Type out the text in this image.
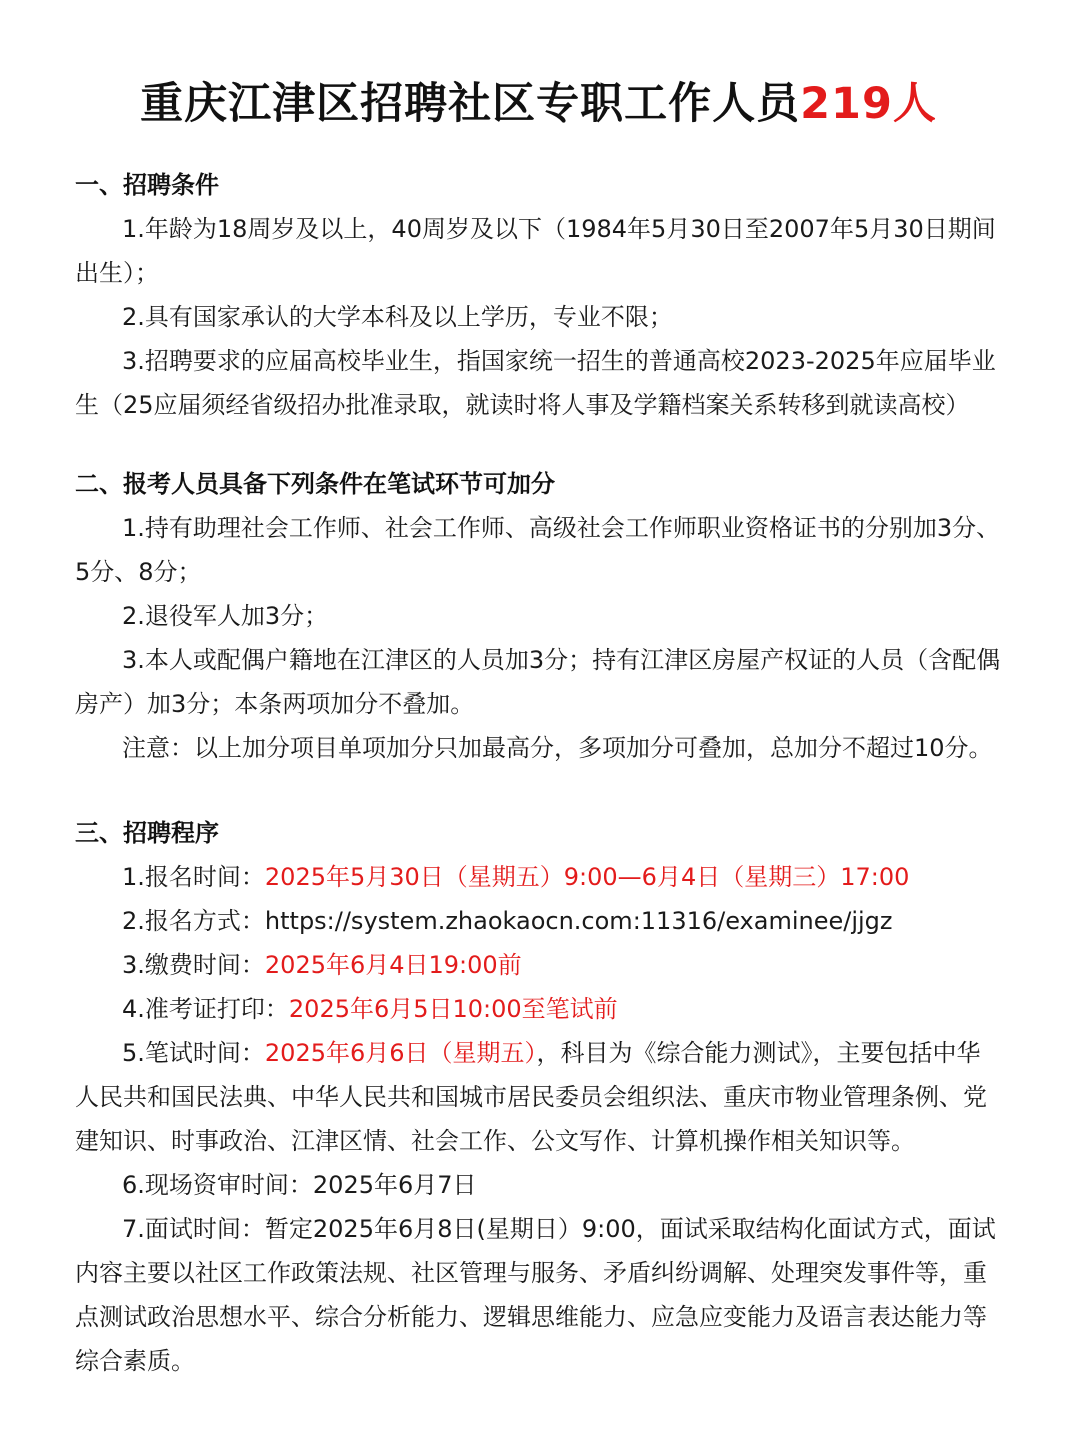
重庆江津区招聘社区专职工作人员219人
一、招聘条件

1.年龄为18周岁及以上，40周岁及以下（1984年5月30日至2007年5月30日期间出生）；

2.具有国家承认的大学本科及以上学历，专业不限；

3.招聘要求的应届高校毕业生，指国家统一招生的普通高校2023-2025年应届毕业生（25应届须经省级招办批准录取，就读时将人事及学籍档案关系转移到就读高校）

二、报考人员具备下列条件在笔试环节可加分

1.持有助理社会工作师、社会工作师、高级社会工作师职业资格证书的分别加3分、5分、8分；

2.退役军人加3分；

3.本人或配偶户籍地在江津区的人员加3分；持有江津区房屋产权证的人员（含配偶房产）加3分；本条两项加分不叠加。

注意：以上加分项目单项加分只加最高分，多项加分可叠加，总加分不超过10分。

三、招聘程序

1.报名时间：2025年5月30日（星期五）9:00—6月4日（星期三）17:00

2.报名方式：https://system.zhaokaocn.com:11316/examinee/jjgz

3.缴费时间：2025年6月4日19:00前

4.准考证打印：2025年6月5日10:00至笔试前

5.笔试时间：2025年6月6日（星期五），科目为《综合能力测试》，主要包括中华人民共和国民法典、中华人民共和国城市居民委员会组织法、重庆市物业管理条例、党建知识、时事政治、江津区情、社会工作、公文写作、计算机操作相关知识等。

6.现场资审时间：2025年6月7日

7.面试时间：暂定2025年6月8日(星期日）9:00，面试采取结构化面试方式，面试内容主要以社区工作政策法规、社区管理与服务、矛盾纠纷调解、处理突发事件等，重点测试政治思想水平、综合分析能力、逻辑思维能力、应急应变能力及语言表达能力等综合素质。
